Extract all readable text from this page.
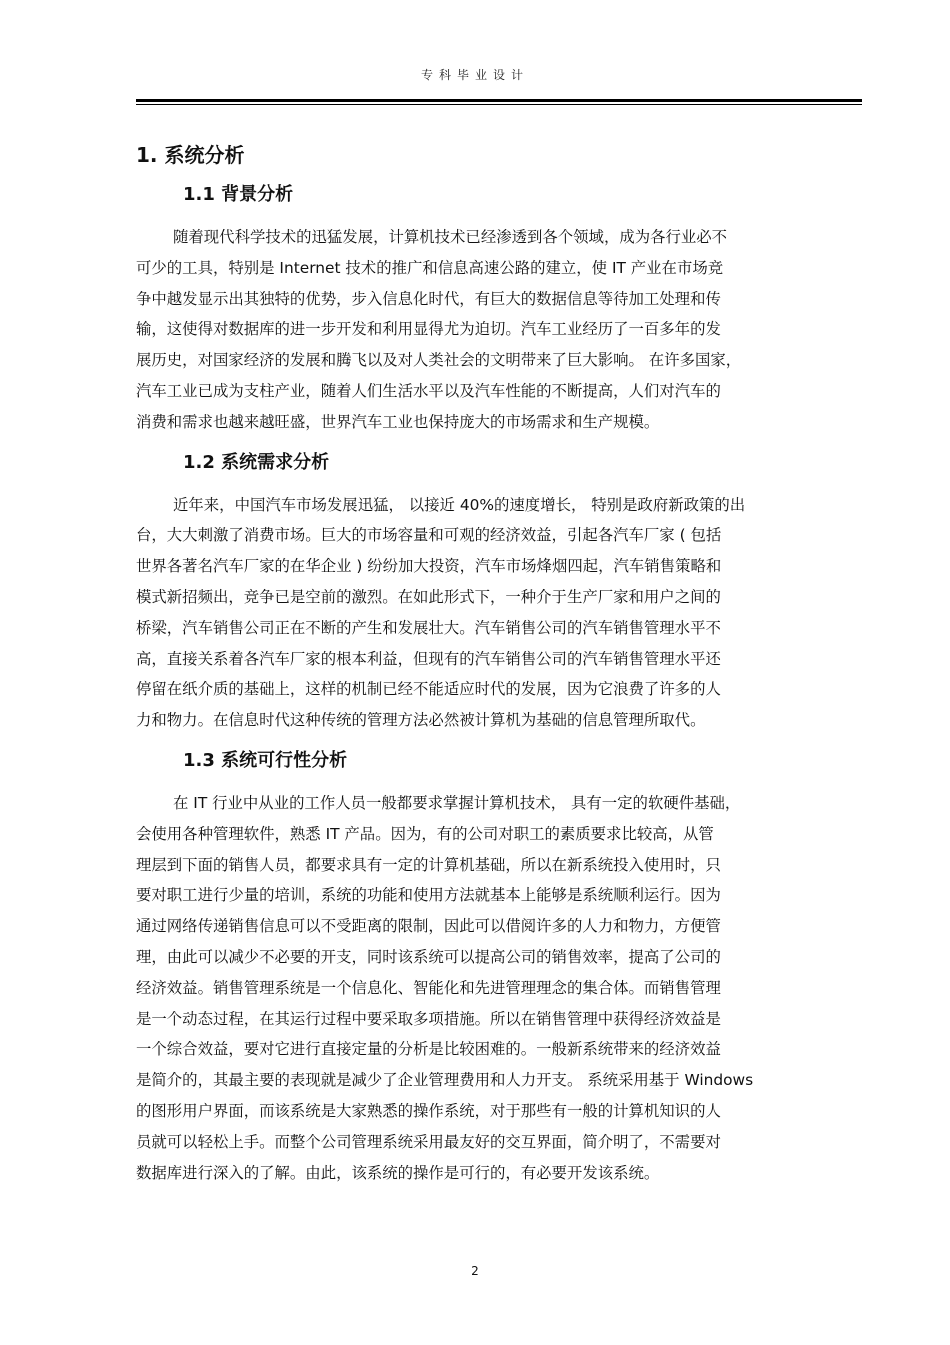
专科毕业设计
1. 系统分析
1.1 背景分析
随着现代科学技术的迅猛发展，计算机技术已经渗透到各个领域，成为各行业必不
可少的工具，特别是 Internet 技术的推广和信息高速公路的建立，使 IT 产业在市场竞
争中越发显示出其独特的优势，步入信息化时代，有巨大的数据信息等待加工处理和传
输，这使得对数据库的进一步开发和利用显得尤为迫切。汽车工业经历了一百多年的发
展历史，对国家经济的发展和腾飞以及对人类社会的文明带来了巨大影响。 在许多国家，
汽车工业已成为支柱产业，随着人们生活水平以及汽车性能的不断提高，人们对汽车的
消费和需求也越来越旺盛，世界汽车工业也保持庞大的市场需求和生产规模。
1.2 系统需求分析
近年来，中国汽车市场发展迅猛， 以接近 40%的速度增长， 特别是政府新政策的出
台，大大刺激了消费市场。巨大的市场容量和可观的经济效益，引起各汽车厂家 ( 包括
世界各著名汽车厂家的在华企业 ) 纷纷加大投资，汽车市场烽烟四起，汽车销售策略和
模式新招频出，竞争已是空前的激烈。在如此形式下，一种介于生产厂家和用户之间的
桥梁，汽车销售公司正在不断的产生和发展壮大。汽车销售公司的汽车销售管理水平不
高，直接关系着各汽车厂家的根本利益，但现有的汽车销售公司的汽车销售管理水平还
停留在纸介质的基础上，这样的机制已经不能适应时代的发展，因为它浪费了许多的人
力和物力。在信息时代这种传统的管理方法必然被计算机为基础的信息管理所取代。
1.3 系统可行性分析
在 IT 行业中从业的工作人员一般都要求掌握计算机技术， 具有一定的软硬件基础，
会使用各种管理软件，熟悉 IT 产品。因为，有的公司对职工的素质要求比较高，从管
理层到下面的销售人员，都要求具有一定的计算机基础，所以在新系统投入使用时，只
要对职工进行少量的培训，系统的功能和使用方法就基本上能够是系统顺利运行。因为
通过网络传递销售信息可以不受距离的限制，因此可以借阅许多的人力和物力，方便管
理，由此可以减少不必要的开支，同时该系统可以提高公司的销售效率，提高了公司的
经济效益。销售管理系统是一个信息化、智能化和先进管理理念的集合体。而销售管理
是一个动态过程，在其运行过程中要采取多项措施。所以在销售管理中获得经济效益是
一个综合效益，要对它进行直接定量的分析是比较困难的。一般新系统带来的经济效益
是简介的，其最主要的表现就是减少了企业管理费用和人力开支。 系统采用基于 Windows
的图形用户界面，而该系统是大家熟悉的操作系统，对于那些有一般的计算机知识的人
员就可以轻松上手。而整个公司管理系统采用最友好的交互界面，简介明了，不需要对
数据库进行深入的了解。由此，该系统的操作是可行的，有必要开发该系统。
2
